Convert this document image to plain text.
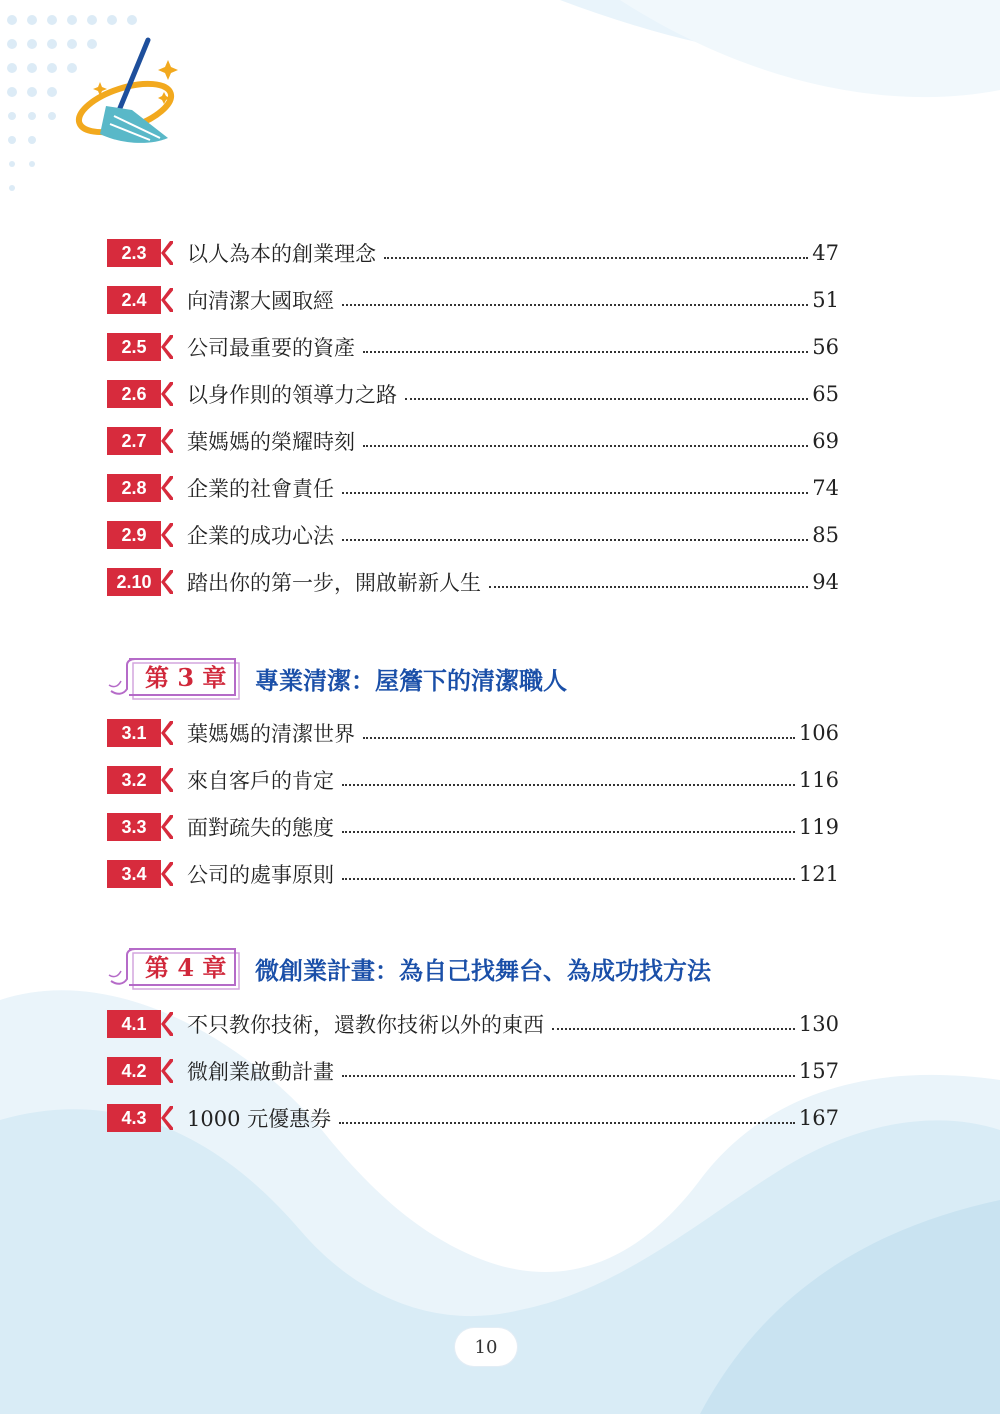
2.3	以人為本的創業理念	47
2.4	向清潔大國取經	51
2.5	公司最重要的資產	56
2.6	以身作則的領導力之路	65
2.7	葉媽媽的榮耀時刻	69
2.8	企業的社會責任	74
2.9	企業的成功心法	85
2.10	踏出你的第一步，開啟嶄新人生	94
第 3 章	專業清潔：屋簷下的清潔職人
3.1	葉媽媽的清潔世界	106
3.2	來自客戶的肯定	116
3.3	面對疏失的態度	119
3.4	公司的處事原則	121
第 4 章	微創業計畫：為自己找舞台、為成功找方法
4.1	不只教你技術，還教你技術以外的東西	130
4.2	微創業啟動計畫	157
4.3	1000 元優惠券	167
10
